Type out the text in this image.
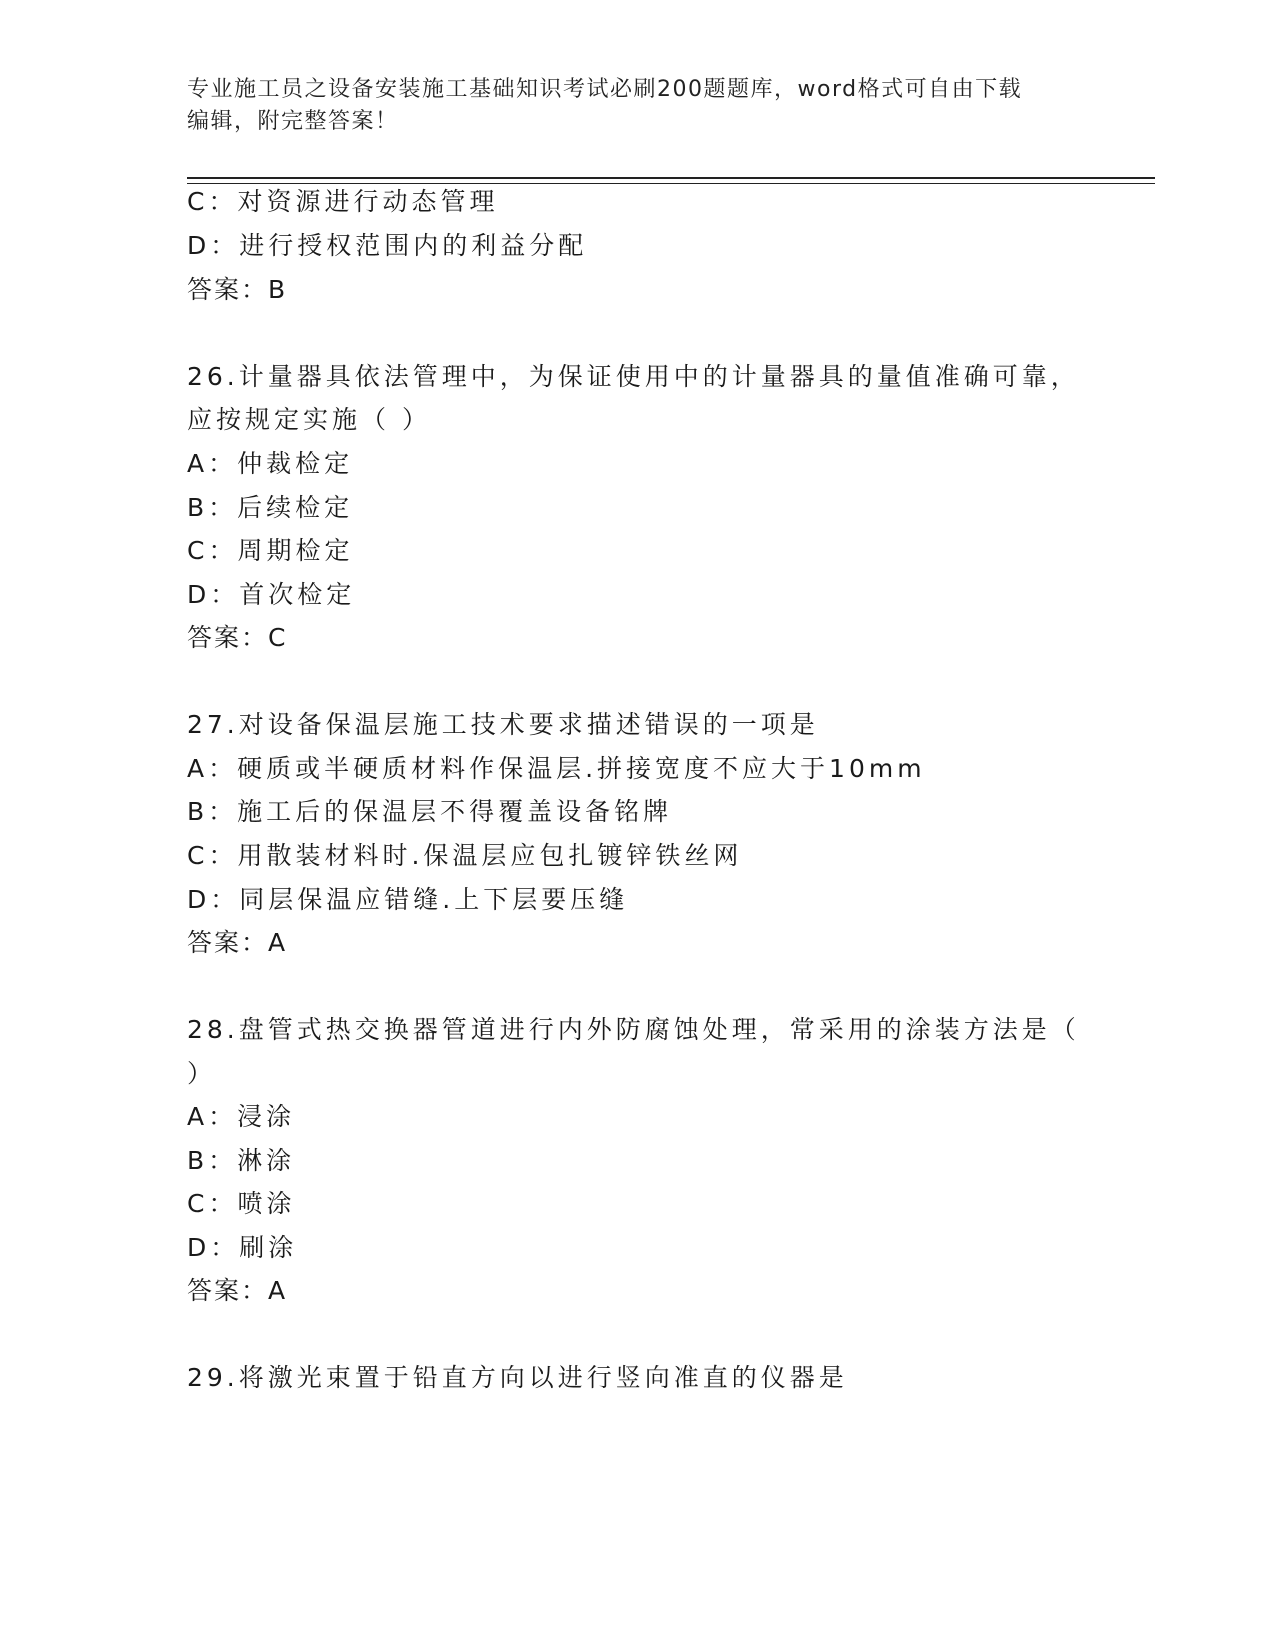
专业施工员之设备安装施工基础知识考试必刷200题题库，word格式可自由下载
编辑，附完整答案！
C：对资源进行动态管理
D：进行授权范围内的利益分配
答案：B
26.计量器具依法管理中，为保证使用中的计量器具的量值准确可靠，
应按规定实施（ ）
A：仲裁检定
B：后续检定
C：周期检定
D：首次检定
答案：C
27.对设备保温层施工技术要求描述错误的一项是
A：硬质或半硬质材料作保温层.拼接宽度不应大于10mm
B：施工后的保温层不得覆盖设备铭牌
C：用散装材料时.保温层应包扎镀锌铁丝网
D：同层保温应错缝.上下层要压缝
答案：A
28.盘管式热交换器管道进行内外防腐蚀处理，常采用的涂装方法是（
）
A：浸涂
B：淋涂
C：喷涂
D：刷涂
答案：A
29.将激光束置于铅直方向以进行竖向准直的仪器是
